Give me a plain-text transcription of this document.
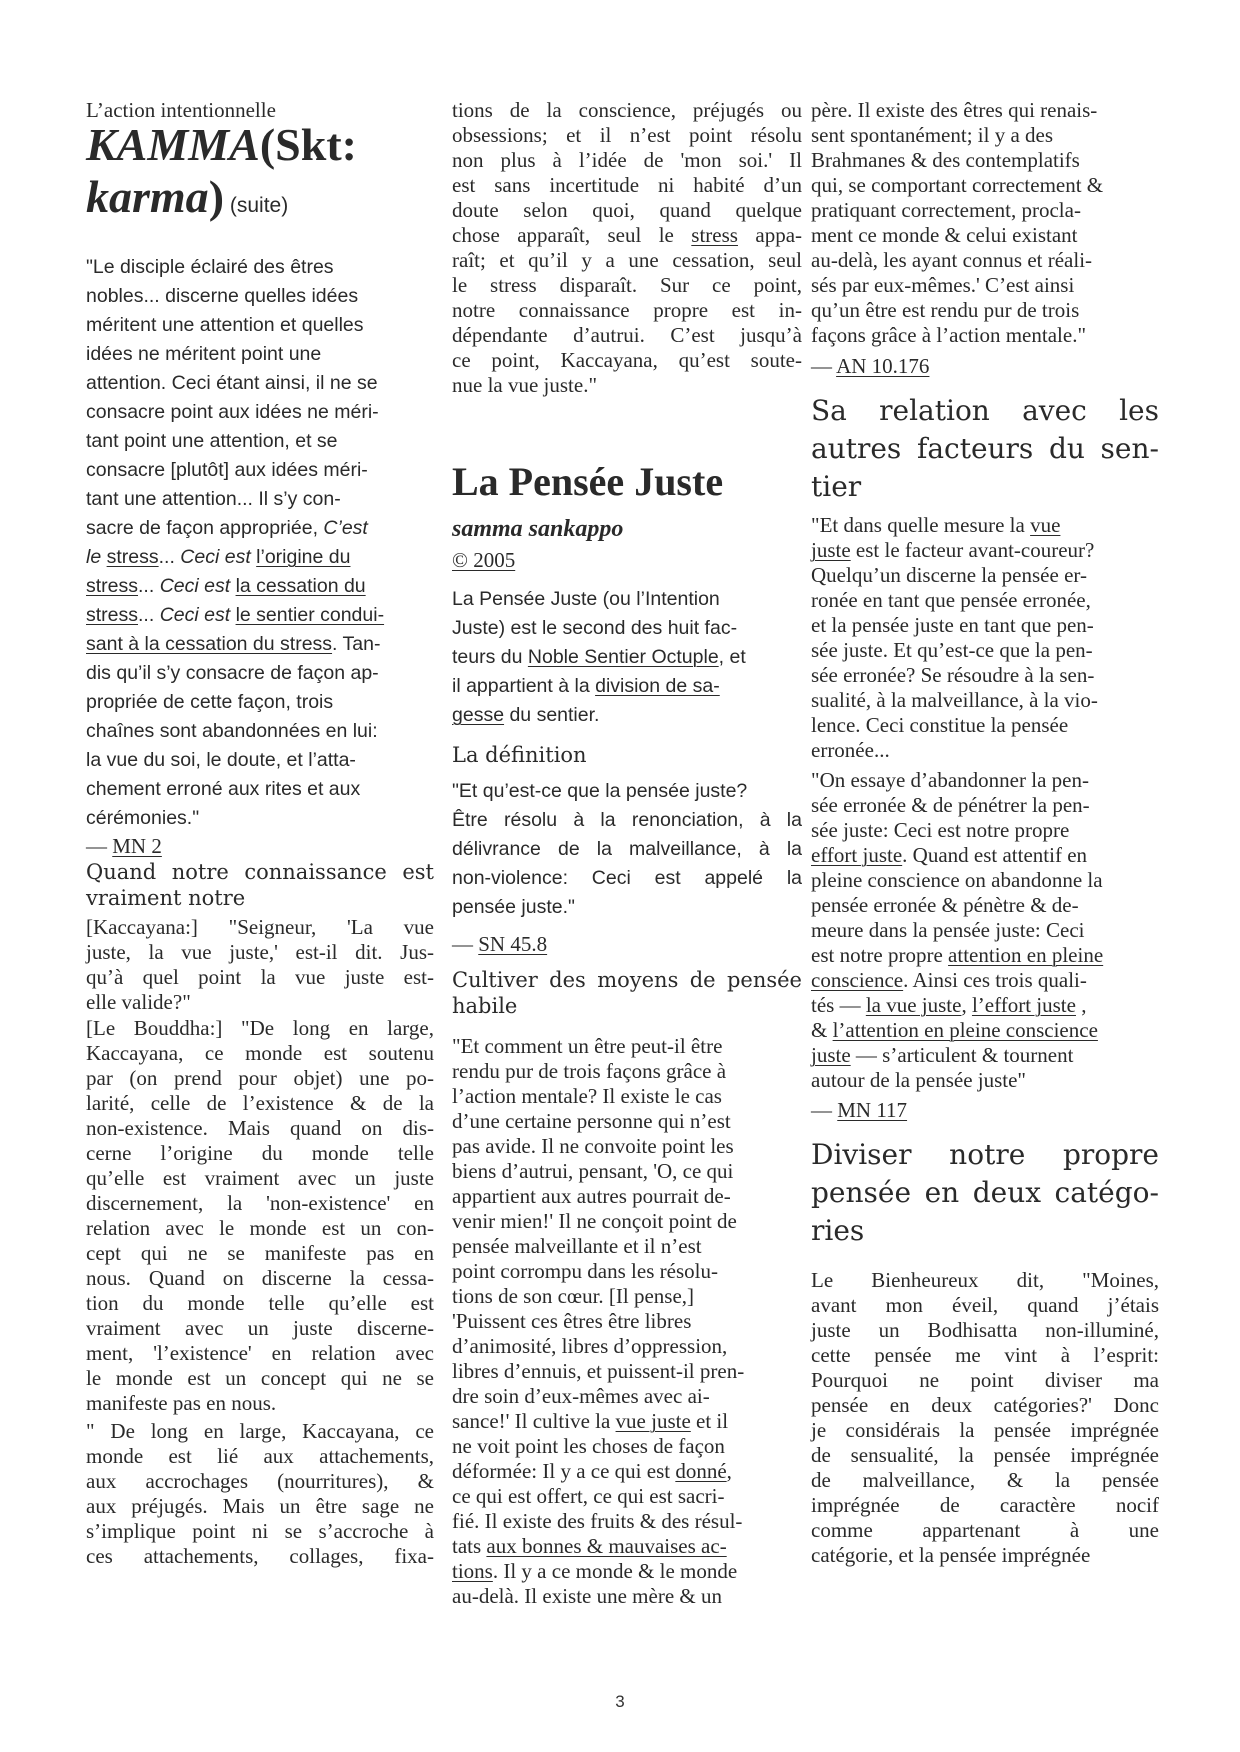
L’action intentionnelle
KAMMA(Skt:
karma) (suite)
"Le disciple éclairé des êtres
nobles... discerne quelles idées
méritent une attention et quelles
idées ne méritent point une
attention. Ceci étant ainsi, il ne se
consacre point aux idées ne méri-
tant point une attention, et se
consacre [plutôt] aux idées méri-
tant une attention... Il s’y con-
sacre de façon appropriée, C’est
le stress... Ceci est l’origine du
stress... Ceci est la cessation du
stress... Ceci est le sentier condui-
sant à la cessation du stress. Tan-
dis qu’il s’y consacre de façon ap-
propriée de cette façon, trois
chaînes sont abandonnées en lui:
la vue du soi, le doute, et l’atta-
chement erroné aux rites et aux
cérémonies."
— MN 2
Quand notre connaissance est
vraiment notre
[Kaccayana:] "Seigneur, 'La vue
juste, la vue juste,' est-il dit. Jus-
qu’à quel point la vue juste est-
elle valide?"
[Le Bouddha:] "De long en large,
Kaccayana, ce monde est soutenu
par (on prend pour objet) une po-
larité, celle de l’existence & de la
non-existence. Mais quand on dis-
cerne l’origine du monde telle
qu’elle est vraiment avec un juste
discernement, la 'non-existence' en
relation avec le monde est un con-
cept qui ne se manifeste pas en
nous. Quand on discerne la cessa-
tion du monde telle qu’elle est
vraiment avec un juste discerne-
ment, 'l’existence' en relation avec
le monde est un concept qui ne se
manifeste pas en nous.
" De long en large, Kaccayana, ce
monde est lié aux attachements,
aux accrochages (nourritures), &
aux préjugés. Mais un être sage ne
s’implique point ni se s’accroche à
ces attachements, collages, fixa-
tions de la conscience, préjugés ou
obsessions; et il n’est point résolu
non plus à l’idée de 'mon soi.' Il
est sans incertitude ni habité d’un
doute selon quoi, quand quelque
chose apparaît, seul le stress appa-
raît; et qu’il y a une cessation, seul
le stress disparaît. Sur ce point,
notre connaissance propre est in-
dépendante d’autrui. C’est jusqu’à
ce point, Kaccayana, qu’est soute-
nue la vue juste."
La Pensée Juste
samma sankappo
© 2005
La Pensée Juste (ou l’Intention
Juste) est le second des huit fac-
teurs du Noble Sentier Octuple, et
il appartient à la division de sa-
gesse du sentier.
La définition
"Et qu’est-ce que la pensée juste?
Être résolu à la renonciation, à la
délivrance de la malveillance, à la
non-violence: Ceci est appelé la
pensée juste."
— SN 45.8
Cultiver des moyens de pensée
habile
"Et comment un être peut-il être
rendu pur de trois façons grâce à
l’action mentale? Il existe le cas
d’une certaine personne qui n’est
pas avide. Il ne convoite point les
biens d’autrui, pensant, 'O, ce qui
appartient aux autres pourrait de-
venir mien!' Il ne conçoit point de
pensée malveillante et il n’est
point corrompu dans les résolu-
tions de son cœur. [Il pense,]
'Puissent ces êtres être libres
d’animosité, libres d’oppression,
libres d’ennuis, et puissent-il pren-
dre soin d’eux-mêmes avec ai-
sance!' Il cultive la vue juste et il
ne voit point les choses de façon
déformée: Il y a ce qui est donné,
ce qui est offert, ce qui est sacri-
fié. Il existe des fruits & des résul-
tats aux bonnes & mauvaises ac-
tions. Il y a ce monde & le monde
au-delà. Il existe une mère & un
père. Il existe des êtres qui renais-
sent spontanément; il y a des
Brahmanes & des contemplatifs
qui, se comportant correctement &
pratiquant correctement, procla-
ment ce monde & celui existant
au-delà, les ayant connus et réali-
sés par eux-mêmes.' C’est ainsi
qu’un être est rendu pur de trois
façons grâce à l’action mentale."
— AN 10.176
Sa relation avec les
autres facteurs du sen-
tier
"Et dans quelle mesure la vue
juste est le facteur avant-coureur?
Quelqu’un discerne la pensée er-
ronée en tant que pensée erronée,
et la pensée juste en tant que pen-
sée juste. Et qu’est-ce que la pen-
sée erronée? Se résoudre à la sen-
sualité, à la malveillance, à la vio-
lence. Ceci constitue la pensée
erronée...
"On essaye d’abandonner la pen-
sée erronée & de pénétrer la pen-
sée juste: Ceci est notre propre
effort juste. Quand est attentif en
pleine conscience on abandonne la
pensée erronée & pénètre & de-
meure dans la pensée juste: Ceci
est notre propre attention en pleine
conscience. Ainsi ces trois quali-
tés — la vue juste, l’effort juste ,
& l’attention en pleine conscience
juste — s’articulent & tournent
autour de la pensée juste"
— MN 117
Diviser notre propre
pensée en deux catégo-
ries
Le Bienheureux dit, "Moines,
avant mon éveil, quand j’étais
juste un Bodhisatta non-illuminé,
cette pensée me vint à l’esprit:
Pourquoi ne point diviser ma
pensée en deux catégories?' Donc
je considérais la pensée imprégnée
de sensualité, la pensée imprégnée
de malveillance, & la pensée
imprégnée de caractère nocif
comme appartenant à une
catégorie, et la pensée imprégnée
3
